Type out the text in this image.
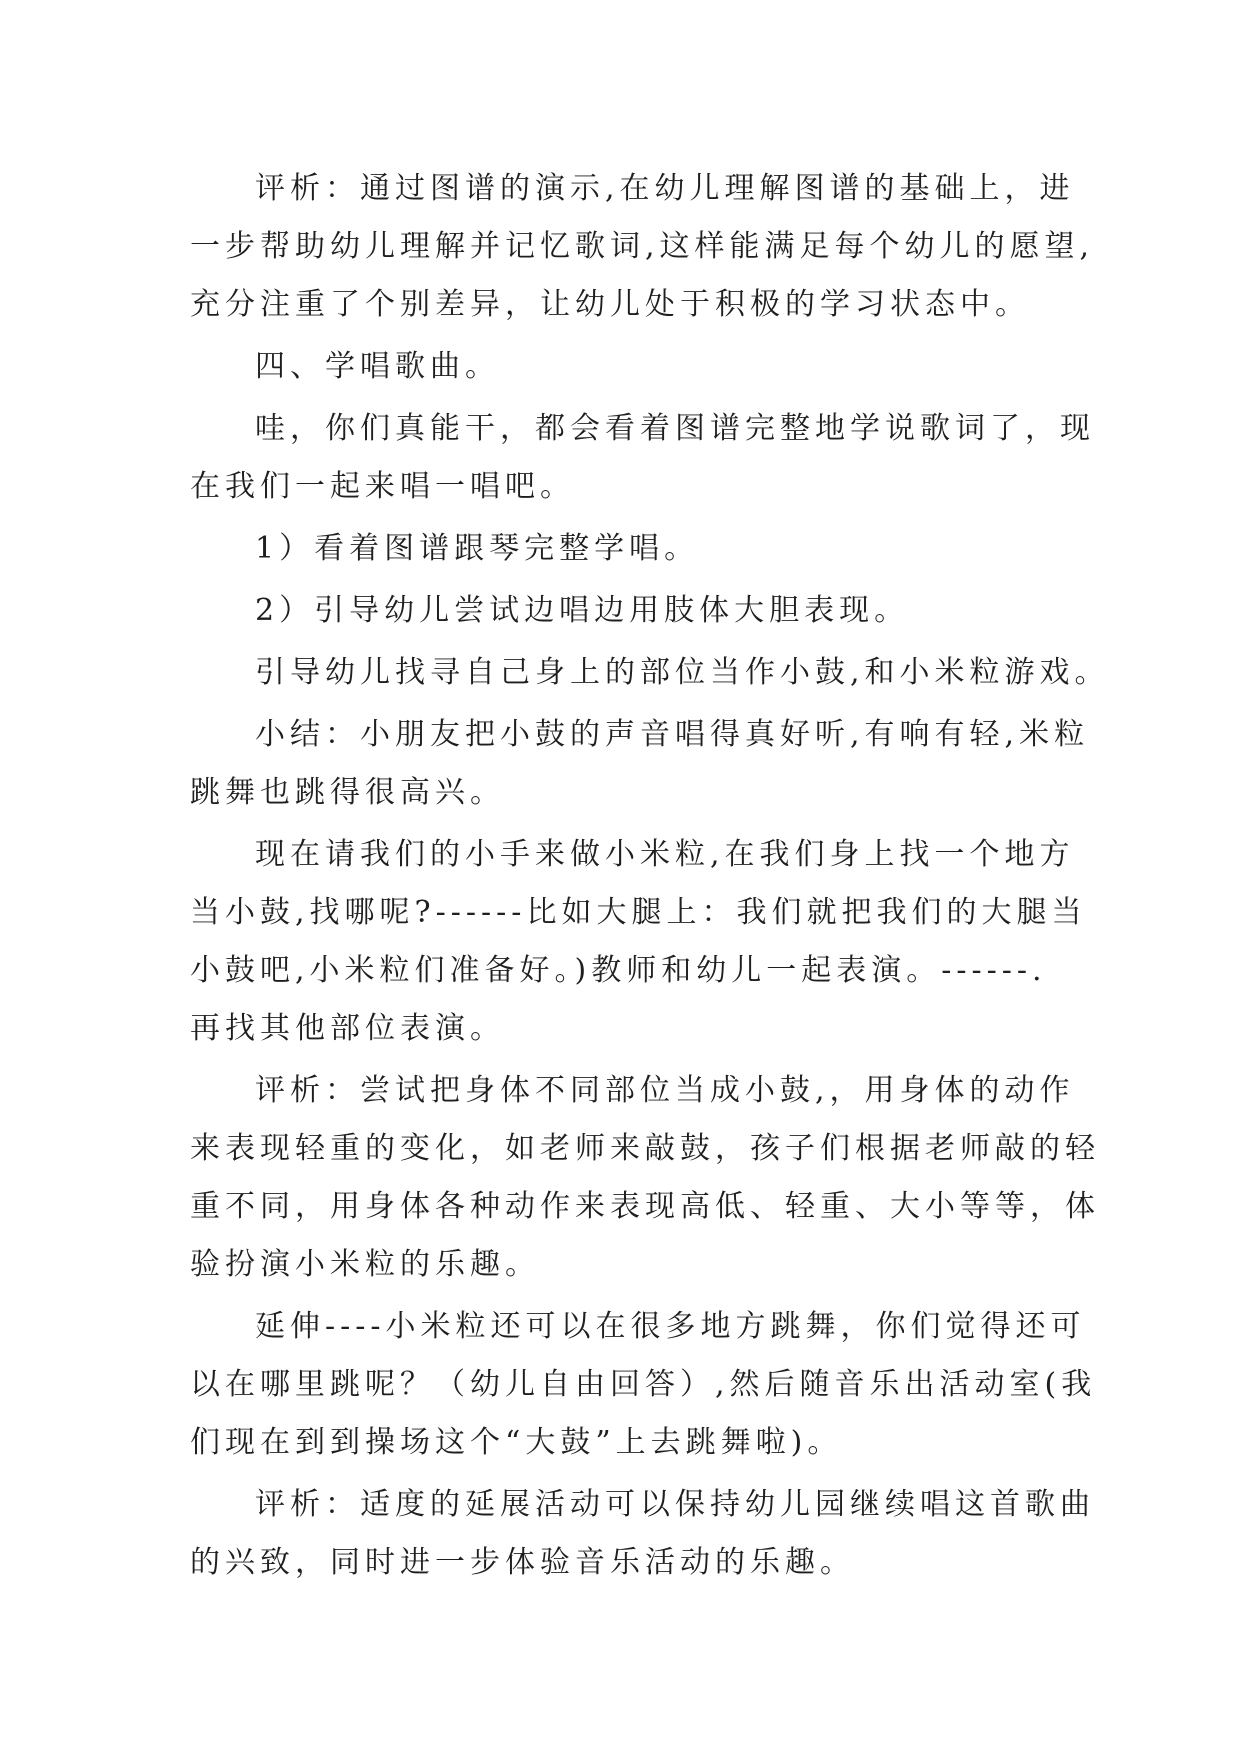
评析：通过图谱的演示,在幼儿理解图谱的基础上，进

一步帮助幼儿理解并记忆歌词,这样能满足每个幼儿的愿望,

充分注重了个别差异，让幼儿处于积极的学习状态中。

四、学唱歌曲。

哇，你们真能干，都会看着图谱完整地学说歌词了，现

在我们一起来唱一唱吧。

1）看着图谱跟琴完整学唱。

2）引导幼儿尝试边唱边用肢体大胆表现。

引导幼儿找寻自己身上的部位当作小鼓,和小米粒游戏。

小结：小朋友把小鼓的声音唱得真好听,有响有轻,米粒

跳舞也跳得很高兴。

现在请我们的小手来做小米粒,在我们身上找一个地方

当小鼓,找哪呢?------比如大腿上：我们就把我们的大腿当

小鼓吧,小米粒们准备好。)教师和幼儿一起表演。------.

再找其他部位表演。

评析：尝试把身体不同部位当成小鼓,，用身体的动作

来表现轻重的变化，如老师来敲鼓，孩子们根据老师敲的轻

重不同，用身体各种动作来表现高低、轻重、大小等等，体

验扮演小米粒的乐趣。

延伸----小米粒还可以在很多地方跳舞，你们觉得还可

以在哪里跳呢？（幼儿自由回答）,然后随音乐出活动室(我

们现在到到操场这个“大鼓”上去跳舞啦)。

评析：适度的延展活动可以保持幼儿园继续唱这首歌曲

的兴致，同时进一步体验音乐活动的乐趣。
